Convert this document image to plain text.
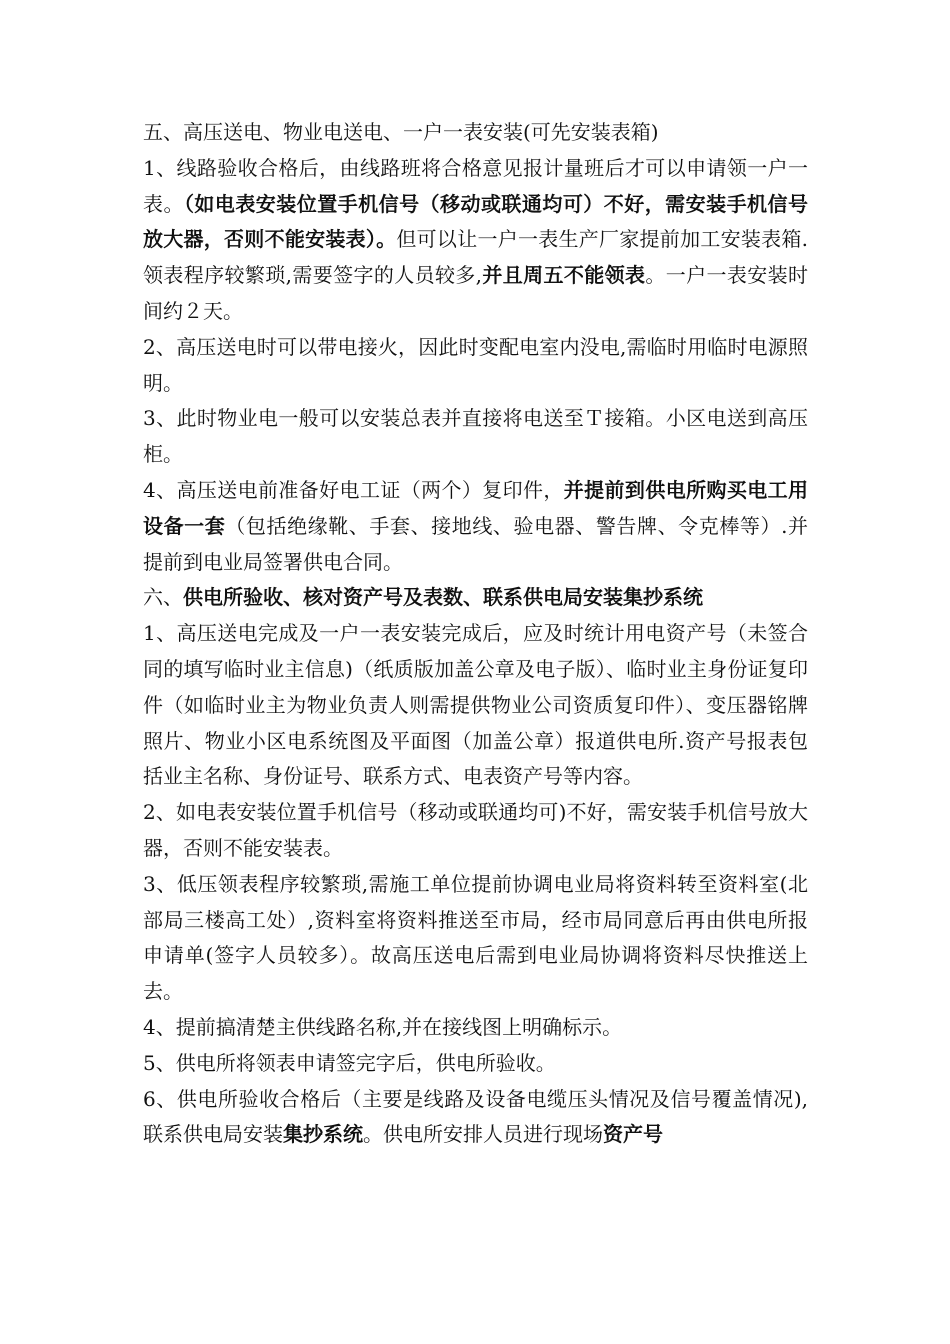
五、高压送电、物业电送电、一户一表安装(可先安装表箱)

1、线路验收合格后，由线路班将合格意见报计量班后才可以申请领一户一表。（如电表安装位置手机信号（移动或联通均可）不好，需安装手机信号放大器，否则不能安装表）。但可以让一户一表生产厂家提前加工安装表箱.领表程序较繁琐,需要签字的人员较多,并且周五不能领表。一户一表安装时间约２天。

2、高压送电时可以带电接火，因此时变配电室内没电,需临时用临时电源照明。

3、此时物业电一般可以安装总表并直接将电送至Ｔ接箱。小区电送到高压柜。

4、高压送电前准备好电工证（两个）复印件，并提前到供电所购买电工用设备一套（包括绝缘靴、手套、接地线、验电器、警告牌、令克棒等）.并提前到电业局签署供电合同。

六、供电所验收、核对资产号及表数、联系供电局安装集抄系统

1、高压送电完成及一户一表安装完成后，应及时统计用电资产号（未签合同的填写临时业主信息)（纸质版加盖公章及电子版）、临时业主身份证复印件（如临时业主为物业负责人则需提供物业公司资质复印件）、变压器铭牌照片、物业小区电系统图及平面图（加盖公章）报道供电所.资产号报表包括业主名称、身份证号、联系方式、电表资产号等内容。

2、如电表安装位置手机信号（移动或联通均可)不好，需安装手机信号放大器，否则不能安装表。

3、低压领表程序较繁琐,需施工单位提前协调电业局将资料转至资料室(北部局三楼高工处）,资料室将资料推送至市局，经市局同意后再由供电所报申请单(签字人员较多）。故高压送电后需到电业局协调将资料尽快推送上去。

4、提前搞清楚主供线路名称,并在接线图上明确标示。

5、供电所将领表申请签完字后，供电所验收。

6、供电所验收合格后（主要是线路及设备电缆压头情况及信号覆盖情况),联系供电局安装集抄系统。供电所安排人员进行现场资产号
